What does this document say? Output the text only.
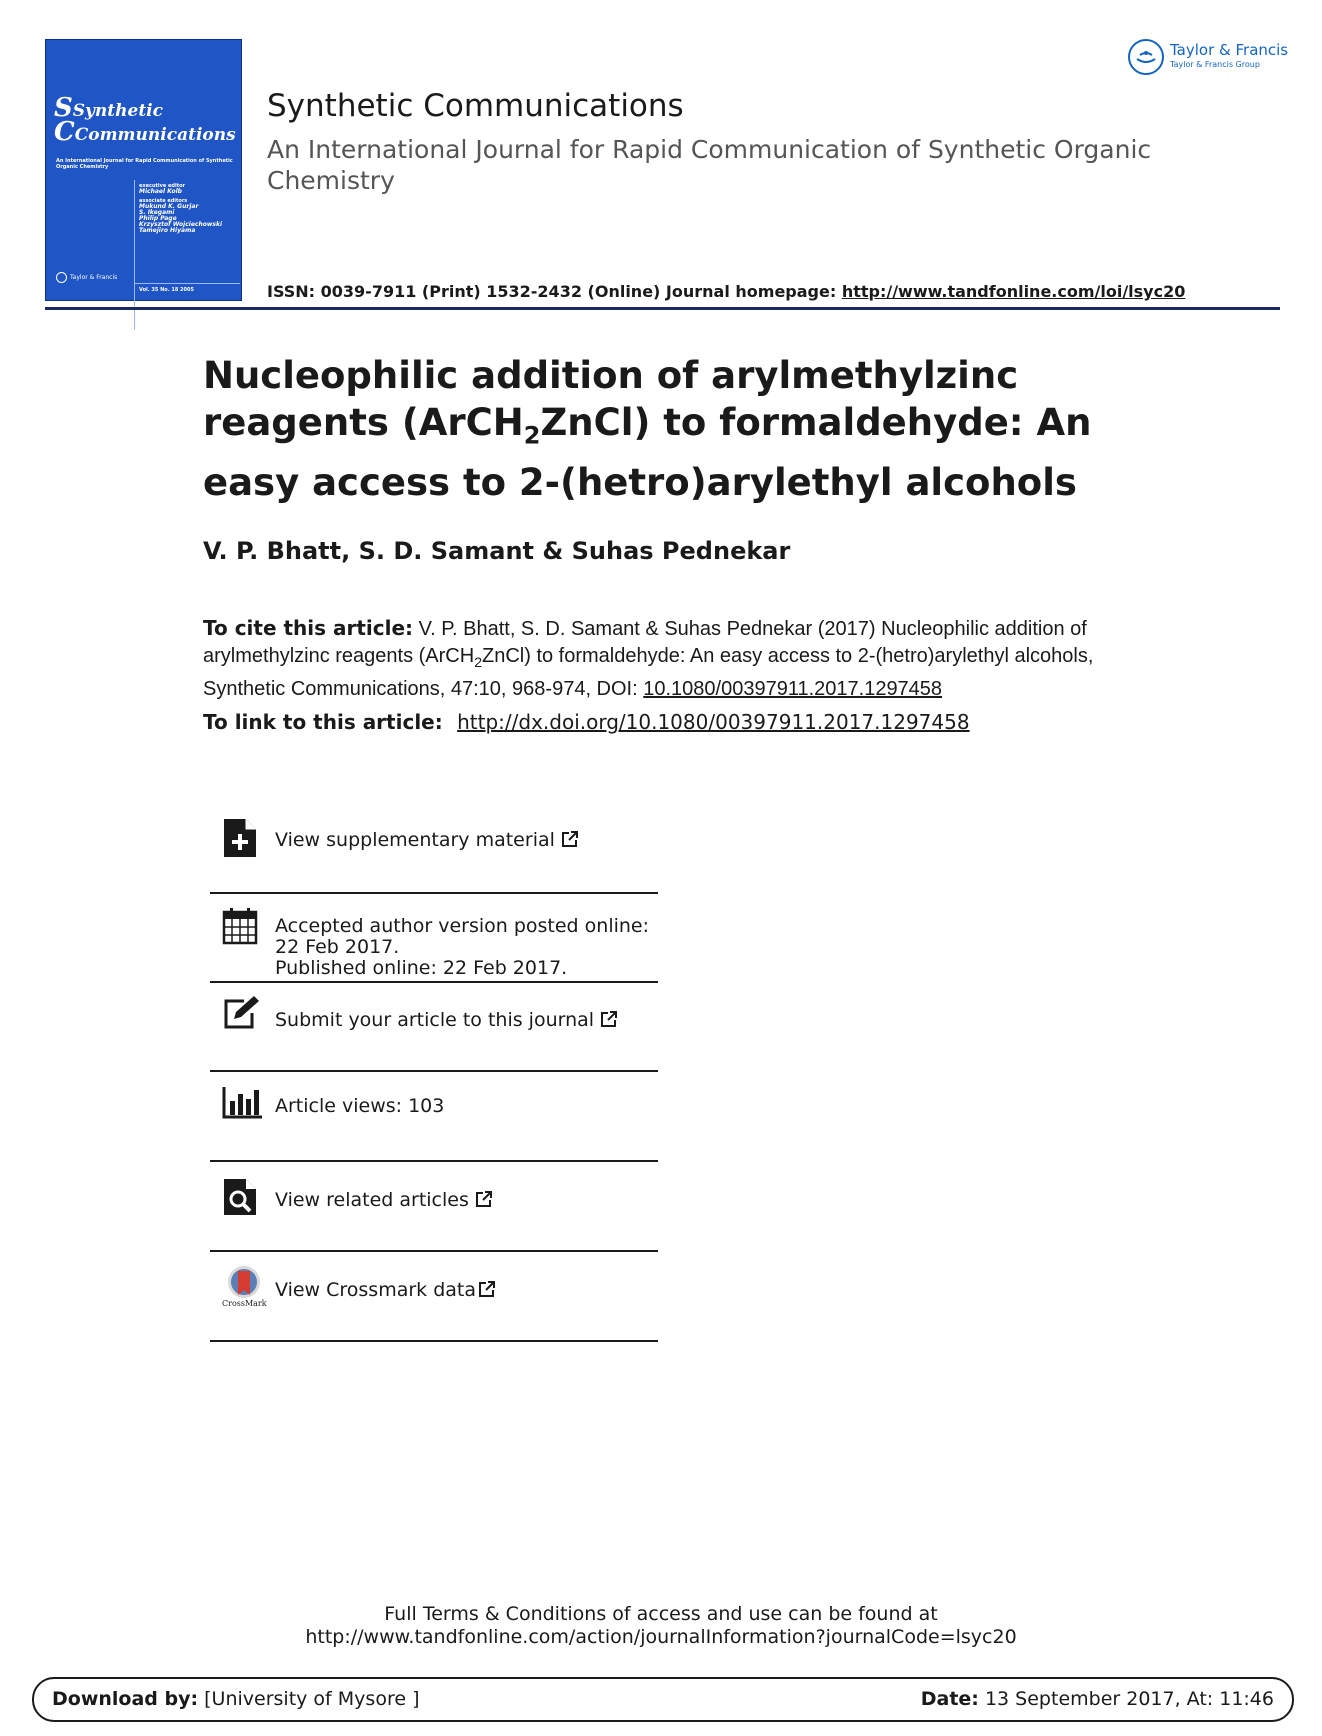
SSynthetic
CCommunications
An International Journal for Rapid Communication of Synthetic Organic Chemistry
executive editor
Michael Kolb
associate editors
Mukund K. Gurjar
S. Ikegami
Philip Page
Krzysztof Wojciechowski
Tamejiro Hiyama
Taylor & Francis
Vol. 35 No. 18 2005
Synthetic Communications
An International Journal for Rapid Communication of Synthetic Organic Chemistry
ISSN: 0039-7911 (Print) 1532-2432 (Online) Journal homepage: http://www.tandfonline.com/loi/lsyc20
Taylor & Francis
Taylor & Francis Group
Nucleophilic addition of arylmethylzinc reagents (ArCH$_2$ZnCl) to formaldehyde: An easy access to 2-(hetro)arylethyl alcohols
V. P. Bhatt, S. D. Samant & Suhas Pednekar
To cite this article: V. P. Bhatt, S. D. Samant & Suhas Pednekar (2017) Nucleophilic addition of arylmethylzinc reagents (ArCH$_2$ZnCl) to formaldehyde: An easy access to 2-(hetro)arylethyl alcohols, Synthetic Communications, 47:10, 968-974, DOI: 10.1080/00397911.2017.1297458
To link to this article: http://dx.doi.org/10.1080/00397911.2017.1297458
View supplementary material
Accepted author version posted online: 22 Feb 2017.
Published online: 22 Feb 2017.
Submit your article to this journal
Article views: 103
View related articles
CrossMark
View Crossmark data
Full Terms & Conditions of access and use can be found at
http://www.tandfonline.com/action/journalInformation?journalCode=lsyc20
Download by: [University of Mysore ]	Date: 13 September 2017, At: 11:46
